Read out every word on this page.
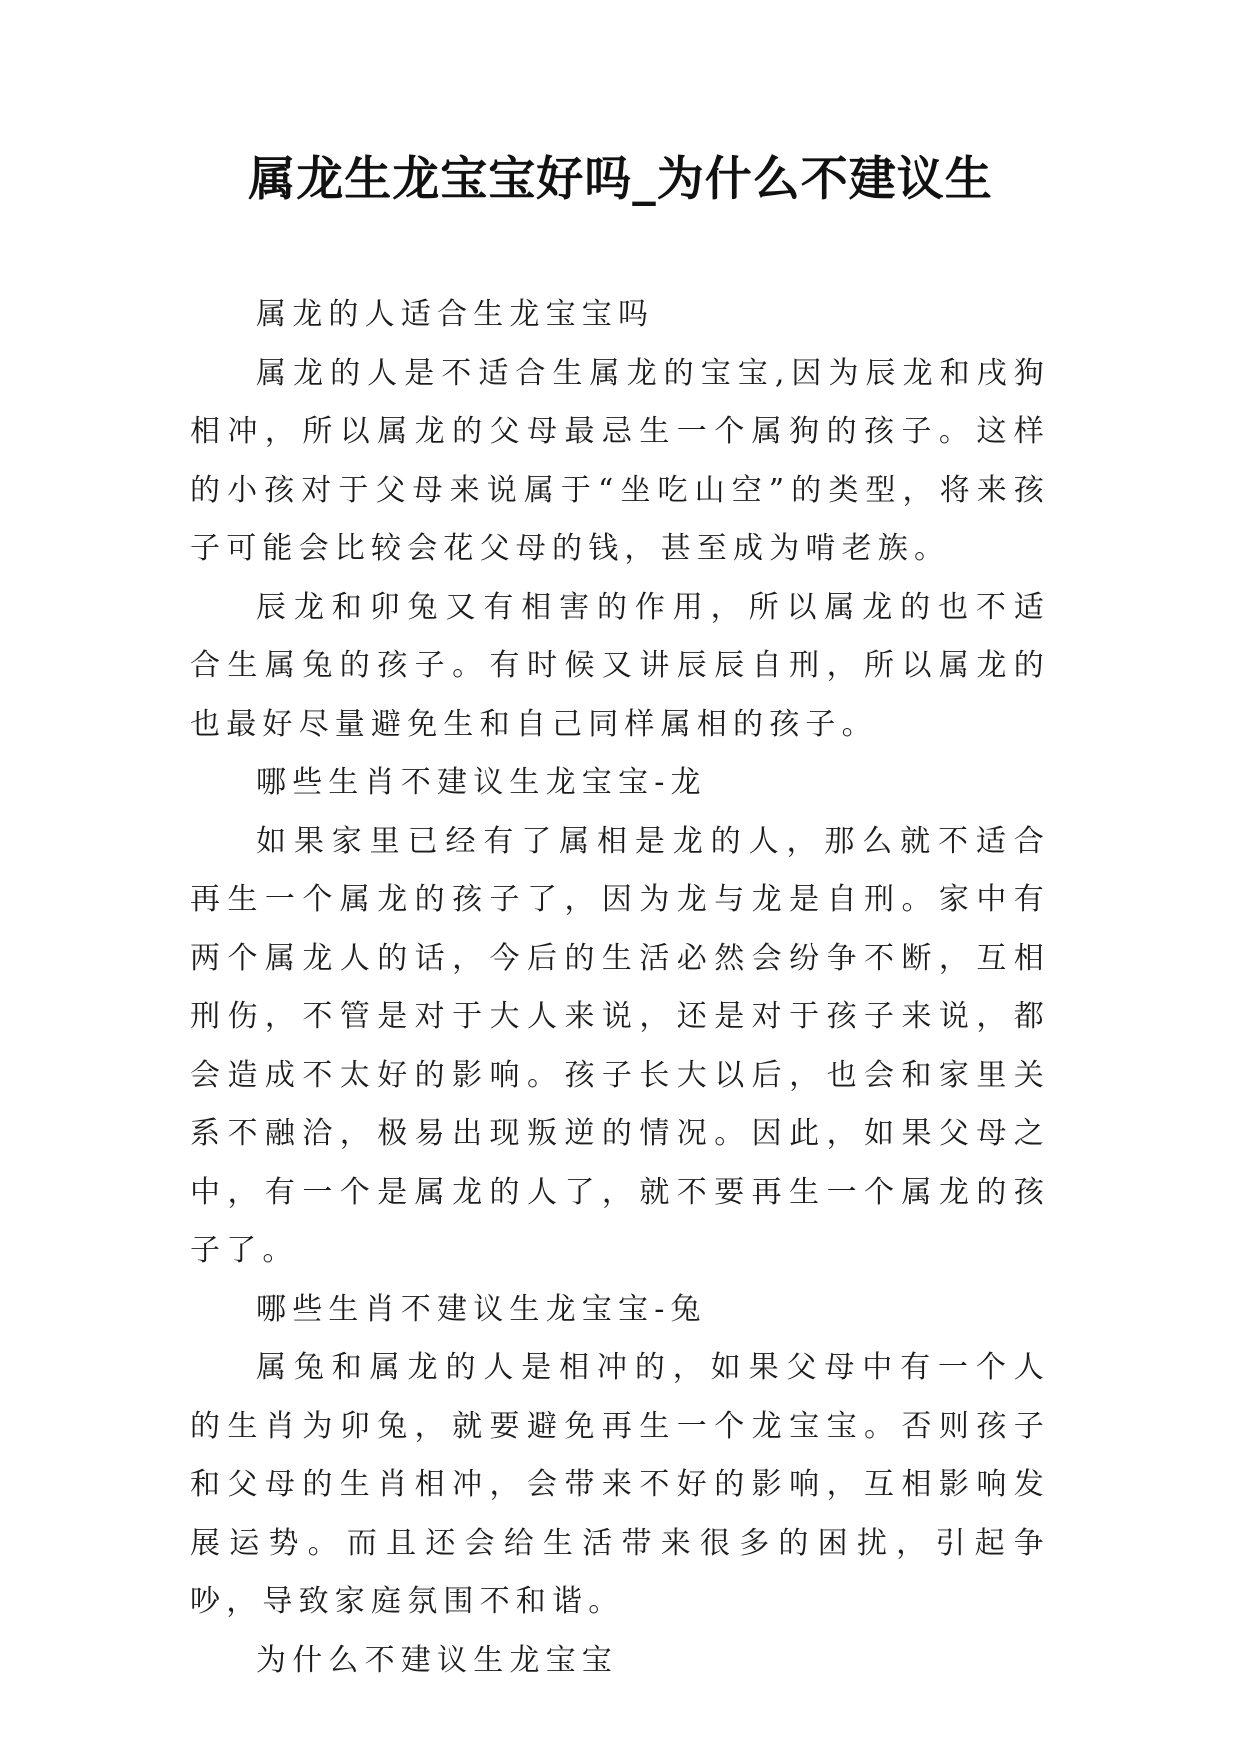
属龙生龙宝宝好吗_为什么不建议生

属龙的人适合生龙宝宝吗

属龙的人是不适合生属龙的宝宝,因为辰龙和戌狗相冲，所以属龙的父母最忌生一个属狗的孩子。这样的小孩对于父母来说属于“坐吃山空”的类型，将来孩子可能会比较会花父母的钱，甚至成为啃老族。

辰龙和卯兔又有相害的作用，所以属龙的也不适合生属兔的孩子。有时候又讲辰辰自刑，所以属龙的也最好尽量避免生和自己同样属相的孩子。

哪些生肖不建议生龙宝宝-龙

如果家里已经有了属相是龙的人，那么就不适合再生一个属龙的孩子了，因为龙与龙是自刑。家中有两个属龙人的话，今后的生活必然会纷争不断，互相刑伤，不管是对于大人来说，还是对于孩子来说，都会造成不太好的影响。孩子长大以后，也会和家里关系不融洽，极易出现叛逆的情况。因此，如果父母之中，有一个是属龙的人了，就不要再生一个属龙的孩子了。

哪些生肖不建议生龙宝宝-兔

属兔和属龙的人是相冲的，如果父母中有一个人的生肖为卯兔，就要避免再生一个龙宝宝。否则孩子和父母的生肖相冲，会带来不好的影响，互相影响发展运势。而且还会给生活带来很多的困扰，引起争吵，导致家庭氛围不和谐。

为什么不建议生龙宝宝
